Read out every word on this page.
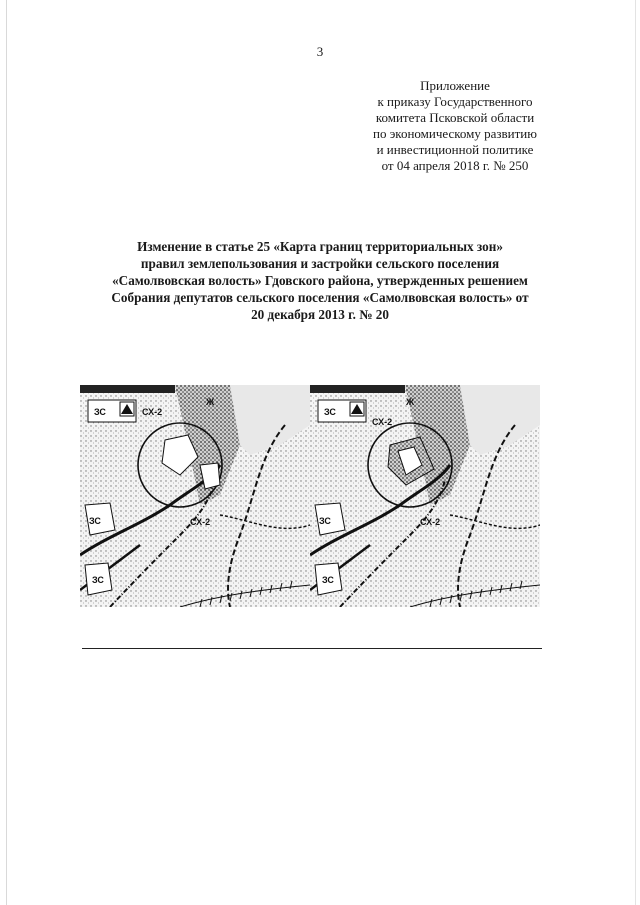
3
Приложение
к приказу Государственного
комитета Псковской области
по экономическому развитию
и инвестиционной политике
от 04 апреля 2018 г. № 250
Изменение в статье 25 «Карта границ территориальных зон»
правил землепользования и застройки сельского поселения
«Самолвовская волость» Гдовского района, утвержденных решением
Собрания депутатов сельского поселения «Самолвовская волость» от
20 декабря 2013 г. № 20
ЗС	СХ-2
Ж
ЗС	СХ-2
ЗС
ЗС
СХ-2
Ж
ЗС	СХ-2
ЗС
